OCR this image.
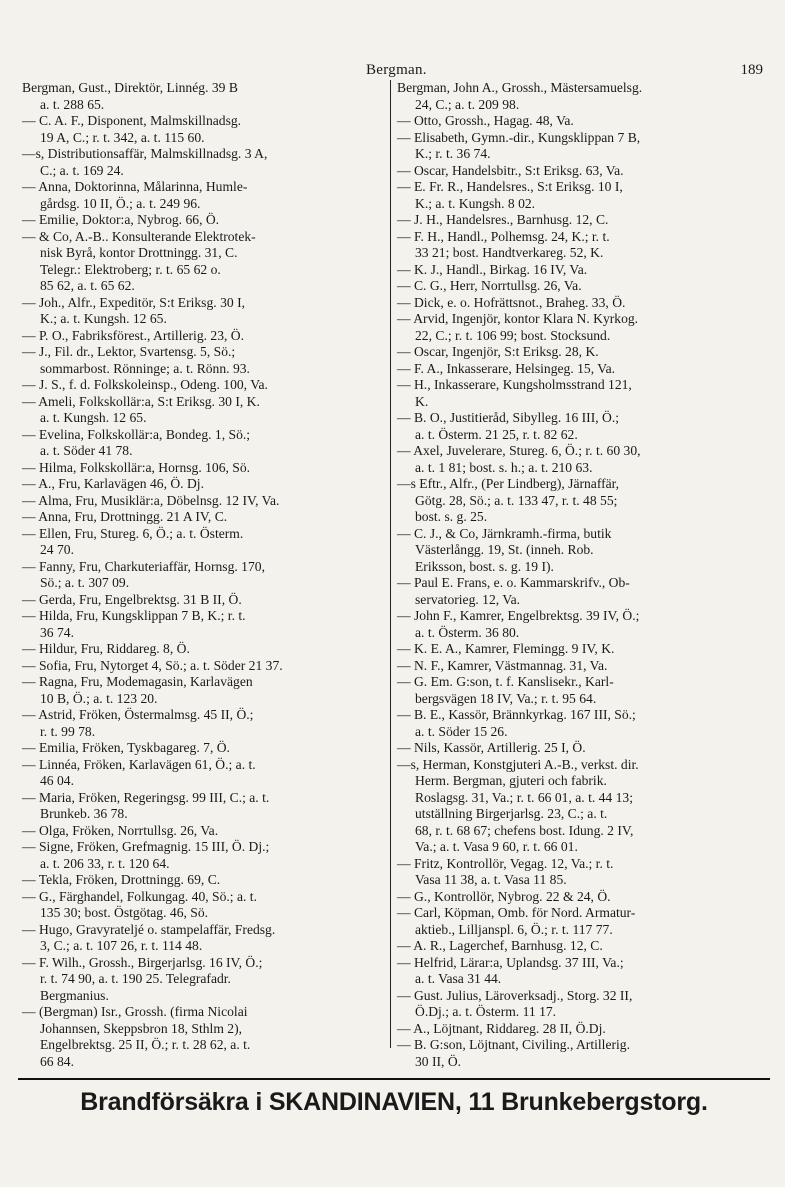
Bergman.	189

Bergman, Gust., Direktör, Linnég. 39 B
a. t. 288 65.

— C. A. F., Disponent, Malmskillnadsg.
19 A, C.; r. t. 342, a. t. 115 60.

—s, Distributionsaffär, Malmskillnadsg. 3 A,
C.; a. t. 169 24.

— Anna, Doktorinna, Målarinna, Humle-
gårdsg. 10 II, Ö.; a. t. 249 96.

— Emilie, Doktor:a, Nybrog. 66, Ö.

— & Co, A.-B.. Konsulterande Elektrotek-
nisk Byrå, kontor Drottningg. 31, C.
Telegr.: Elektroberg; r. t. 65 62 o.
85 62, a. t. 65 62.

— Joh., Alfr., Expeditör, S:t Eriksg. 30 I,
K.; a. t. Kungsh. 12 65.

— P. O., Fabriksförest., Artillerig. 23, Ö.

— J., Fil. dr., Lektor, Svartensg. 5, Sö.;
sommarbost. Rönninge; a. t. Rönn. 93.

— J. S., f. d. Folkskoleinsp., Odeng. 100, Va.

— Ameli, Folkskollär:a, S:t Eriksg. 30 I, K.
a. t. Kungsh. 12 65.

— Evelina, Folkskollär:a, Bondeg. 1, Sö.;
a. t. Söder 41 78.

— Hilma, Folkskollär:a, Hornsg. 106, Sö.

— A., Fru, Karlavägen 46, Ö. Dj.

— Alma, Fru, Musiklär:a, Döbelnsg. 12 IV, Va.

— Anna, Fru, Drottningg. 21 A IV, C.

— Ellen, Fru, Stureg. 6, Ö.; a. t. Österm.
24 70.

— Fanny, Fru, Charkuteriaffär, Hornsg. 170,
Sö.; a. t. 307 09.

— Gerda, Fru, Engelbrektsg. 31 B II, Ö.

— Hilda, Fru, Kungsklippan 7 B, K.; r. t.
36 74.

— Hildur, Fru, Riddareg. 8, Ö.

— Sofia, Fru, Nytorget 4, Sö.; a. t. Söder 21 37.

— Ragna, Fru, Modemagasin, Karlavägen
10 B, Ö.; a. t. 123 20.

— Astrid, Fröken, Östermalmsg. 45 II, Ö.;
r. t. 99 78.

— Emilia, Fröken, Tyskbagareg. 7, Ö.

— Linnéa, Fröken, Karlavägen 61, Ö.; a. t.
46 04.

— Maria, Fröken, Regeringsg. 99 III, C.; a. t.
Brunkeb. 36 78.

— Olga, Fröken, Norrtullsg. 26, Va.

— Signe, Fröken, Grefmagnig. 15 III, Ö. Dj.;
a. t. 206 33, r. t. 120 64.

— Tekla, Fröken, Drottningg. 69, C.

— G., Färghandel, Folkungag. 40, Sö.; a. t.
135 30; bost. Östgötag. 46, Sö.

— Hugo, Gravyrateljé o. stampelaffär, Fredsg.
3, C.; a. t. 107 26, r. t. 114 48.

— F. Wilh., Grossh., Birgerjarlsg. 16 IV, Ö.;
r. t. 74 90, a. t. 190 25. Telegrafadr.
Bergmanius.

— (Bergman) Isr., Grossh. (firma Nicolai
Johannsen, Skeppsbron 18, Sthlm 2),
Engelbrektsg. 25 II, Ö.; r. t. 28 62, a. t.
66 84.

Bergman, John A., Grossh., Mästersamuelsg.
24, C.; a. t. 209 98.

— Otto, Grossh., Hagag. 48, Va.

— Elisabeth, Gymn.-dir., Kungsklippan 7 B,
K.; r. t. 36 74.

— Oscar, Handelsbitr., S:t Eriksg. 63, Va.

— E. Fr. R., Handelsres., S:t Eriksg. 10 I,
K.; a. t. Kungsh. 8 02.

— J. H., Handelsres., Barnhusg. 12, C.

— F. H., Handl., Polhemsg. 24, K.; r. t.
33 21; bost. Handtverkareg. 52, K.

— K. J., Handl., Birkag. 16 IV, Va.

— C. G., Herr, Norrtullsg. 26, Va.

— Dick, e. o. Hofrättsnot., Braheg. 33, Ö.

— Arvid, Ingenjör, kontor Klara N. Kyrkog.
22, C.; r. t. 106 99; bost. Stocksund.

— Oscar, Ingenjör, S:t Eriksg. 28, K.

— F. A., Inkasserare, Helsingeg. 15, Va.

— H., Inkasserare, Kungsholmsstrand 121,
K.

— B. O., Justitieråd, Sibylleg. 16 III, Ö.;
a. t. Österm. 21 25, r. t. 82 62.

— Axel, Juvelerare, Stureg. 6, Ö.; r. t. 60 30,
a. t. 1 81; bost. s. h.; a. t. 210 63.

—s Eftr., Alfr., (Per Lindberg), Järnaffär,
Götg. 28, Sö.; a. t. 133 47, r. t. 48 55;
bost. s. g. 25.

— C. J., & Co, Järnkramh.-firma, butik
Västerlångg. 19, St. (inneh. Rob.
Eriksson, bost. s. g. 19 I).

— Paul E. Frans, e. o. Kammarskrifv., Ob-
servatorieg. 12, Va.

— John F., Kamrer, Engelbrektsg. 39 IV, Ö.;
a. t. Österm. 36 80.

— K. E. A., Kamrer, Flemingg. 9 IV, K.

— N. F., Kamrer, Västmannag. 31, Va.

— G. Em. G:son, t. f. Kanslisekr., Karl-
bergsvägen 18 IV, Va.; r. t. 95 64.

— B. E., Kassör, Brännkyrkag. 167 III, Sö.;
a. t. Söder 15 26.

— Nils, Kassör, Artillerig. 25 I, Ö.

—s, Herman, Konstgjuteri A.-B., verkst. dir.
Herm. Bergman, gjuteri och fabrik.
Roslagsg. 31, Va.; r. t. 66 01, a. t. 44 13;
utställning Birgerjarlsg. 23, C.; a. t.
68, r. t. 68 67; chefens bost. Idung. 2 IV,
Va.; a. t. Vasa 9 60, r. t. 66 01.

— Fritz, Kontrollör, Vegag. 12, Va.; r. t.
Vasa 11 38, a. t. Vasa 11 85.

— G., Kontrollör, Nybrog. 22 & 24, Ö.

— Carl, Köpman, Omb. för Nord. Armatur-
aktieb., Lilljanspl. 6, Ö.; r. t. 117 77.

— A. R., Lagerchef, Barnhusg. 12, C.

— Helfrid, Lärar:a, Uplandsg. 37 III, Va.;
a. t. Vasa 31 44.

— Gust. Julius, Läroverksadj., Storg. 32 II,
Ö.Dj.; a. t. Österm. 11 17.

— A., Löjtnant, Riddareg. 28 II, Ö.Dj.

— B. G:son, Löjtnant, Civiling., Artillerig.
30 II, Ö.

Brandförsäkra i SKANDINAVIEN, 11 Brunkebergstorg.
